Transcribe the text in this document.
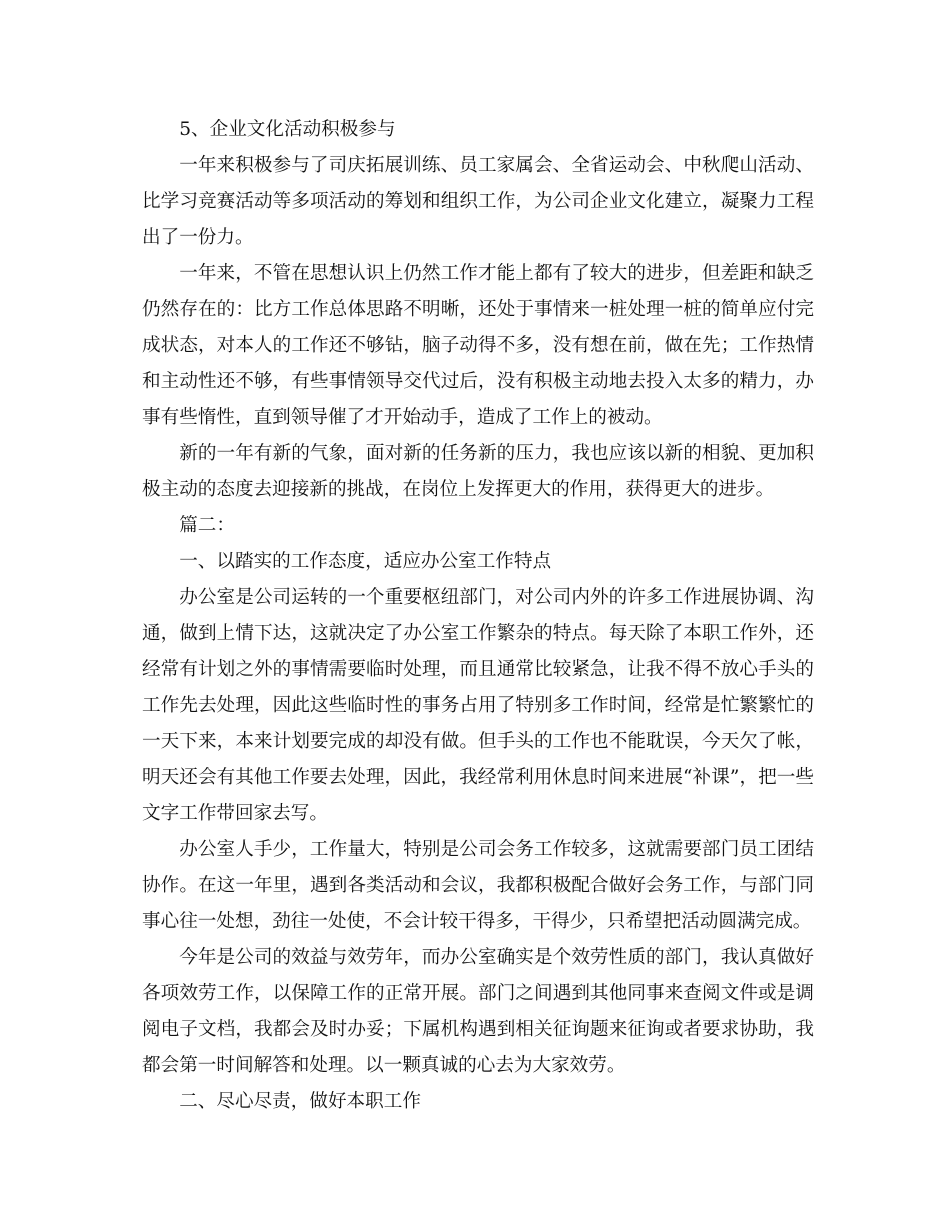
5、企业文化活动积极参与

一年来积极参与了司庆拓展训练、员工家属会、全省运动会、中秋爬山活动、比学习竞赛活动等多项活动的筹划和组织工作，为公司企业文化建立，凝聚力工程出了一份力。

一年来，不管在思想认识上仍然工作才能上都有了较大的进步，但差距和缺乏仍然存在的：比方工作总体思路不明晰，还处于事情来一桩处理一桩的简单应付完成状态，对本人的工作还不够钻，脑子动得不多，没有想在前，做在先；工作热情和主动性还不够，有些事情领导交代过后，没有积极主动地去投入太多的精力，办事有些惰性，直到领导催了才开始动手，造成了工作上的被动。

新的一年有新的气象，面对新的任务新的压力，我也应该以新的相貌、更加积极主动的态度去迎接新的挑战，在岗位上发挥更大的作用，获得更大的进步。

篇二：

一、以踏实的工作态度，适应办公室工作特点

办公室是公司运转的一个重要枢纽部门，对公司内外的许多工作进展协调、沟通，做到上情下达，这就决定了办公室工作繁杂的特点。每天除了本职工作外，还经常有计划之外的事情需要临时处理，而且通常比较紧急，让我不得不放心手头的工作先去处理，因此这些临时性的事务占用了特别多工作时间，经常是忙繁繁忙的一天下来，本来计划要完成的却没有做。但手头的工作也不能耽误，今天欠了帐，明天还会有其他工作要去处理，因此，我经常利用休息时间来进展“补课”，把一些文字工作带回家去写。

办公室人手少，工作量大，特别是公司会务工作较多，这就需要部门员工团结协作。在这一年里，遇到各类活动和会议，我都积极配合做好会务工作，与部门同事心往一处想，劲往一处使，不会计较干得多，干得少，只希望把活动圆满完成。

今年是公司的效益与效劳年，而办公室确实是个效劳性质的部门，我认真做好各项效劳工作，以保障工作的正常开展。部门之间遇到其他同事来查阅文件或是调阅电子文档，我都会及时办妥；下属机构遇到相关征询题来征询或者要求协助，我都会第一时间解答和处理。以一颗真诚的心去为大家效劳。

二、尽心尽责，做好本职工作
